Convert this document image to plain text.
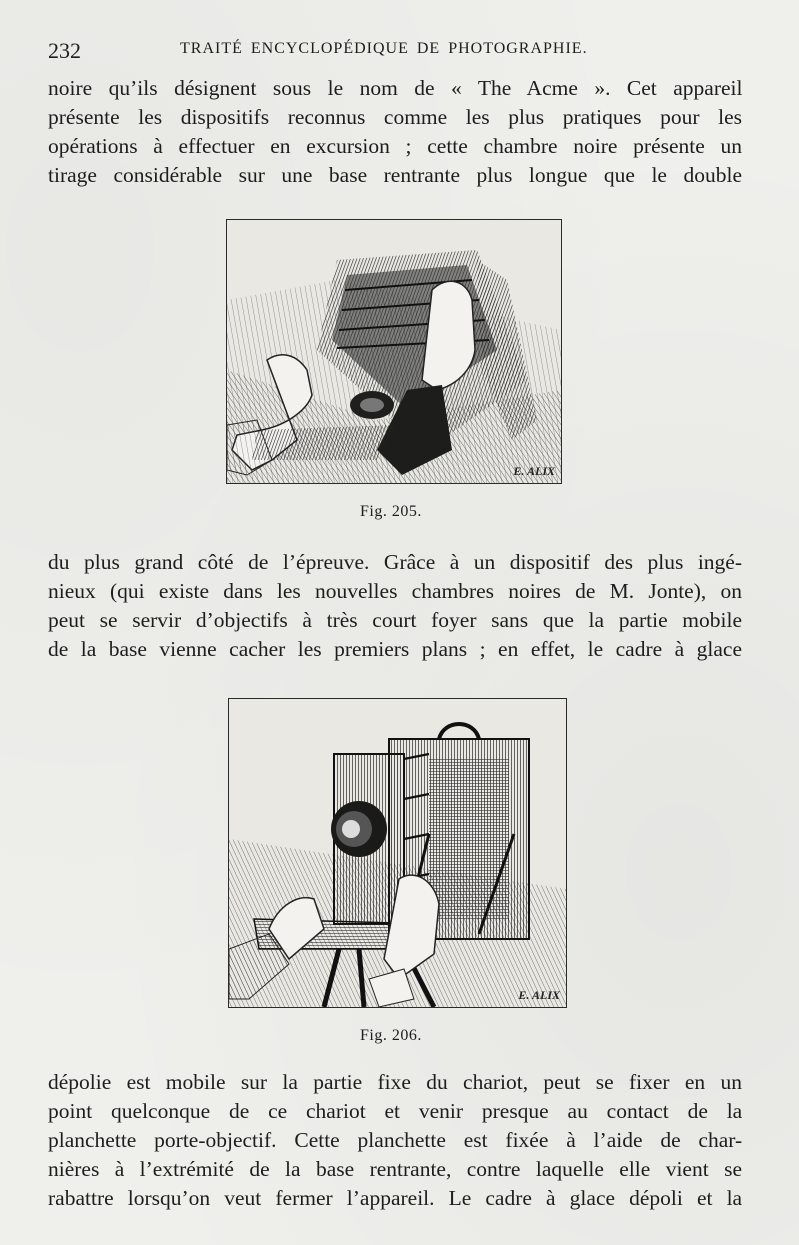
232	TRAITÉ ENCYCLOPÉDIQUE DE PHOTOGRAPHIE.
noire qu’ils désignent sous le nom de « The Acme ». Cet appareil
présente les dispositifs reconnus comme les plus pratiques pour les
opérations à effectuer en excursion ; cette chambre noire présente un
tirage considérable sur une base rentrante plus longue que le double
E. ALIX
Fig. 205.
du plus grand côté de l’épreuve. Grâce à un dispositif des plus ingé-
nieux (qui existe dans les nouvelles chambres noires de M. Jonte), on
peut se servir d’objectifs à très court foyer sans que la partie mobile
de la base vienne cacher les premiers plans ; en effet, le cadre à glace
E. ALIX
Fig. 206.
dépolie est mobile sur la partie fixe du chariot, peut se fixer en un
point quelconque de ce chariot et venir presque au contact de la
planchette porte-objectif. Cette planchette est fixée à l’aide de char-
nières à l’extrémité de la base rentrante, contre laquelle elle vient se
rabattre lorsqu’on veut fermer l’appareil. Le cadre à glace dépoli et la
